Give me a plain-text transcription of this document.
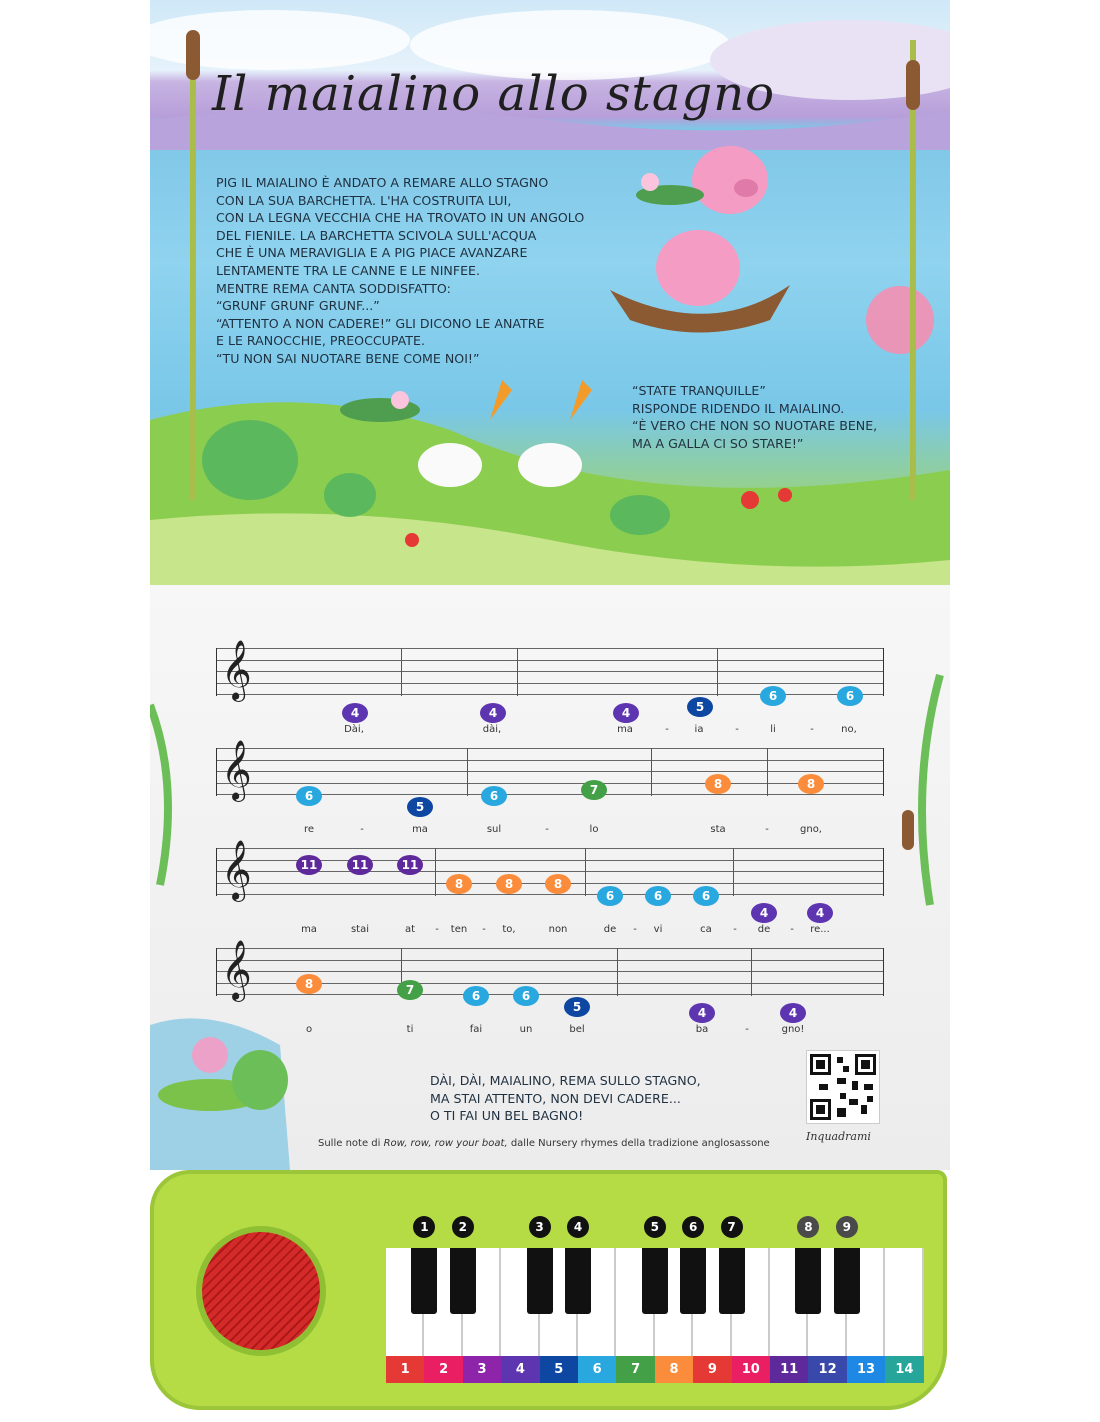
Il maialino allo stagno
PIG IL MAIALINO È ANDATO A REMARE ALLO STAGNO
CON LA SUA BARCHETTA. L'HA COSTRUITA LUI,
CON LA LEGNA VECCHIA CHE HA TROVATO IN UN ANGOLO
DEL FIENILE. LA BARCHETTA SCIVOLA SULL'ACQUA
CHE È UNA MERAVIGLIA E A PIG PIACE AVANZARE
LENTAMENTE TRA LE CANNE E LE NINFEE.
MENTRE REMA CANTA SODDISFATTO:
“GRUNF GRUNF GRUNF...”
“ATTENTO A NON CADERE!” GLI DICONO LE ANATRE
E LE RANOCCHIE, PREOCCUPATE.
“TU NON SAI NUOTARE BENE COME NOI!”
“STATE TRANQUILLE”
RISPONDE RIDENDO IL MAIALINO.
“È VERO CHE NON SO NUOTARE BENE,
MA A GALLA CI SO STARE!”
DÀI, DÀI, MAIALINO, REMA SULLO STAGNO,
MA STAI ATTENTO, NON DEVI CADERE...
O TI FAI UN BEL BAGNO!
Sulle note di Row, row, row your boat, dalle Nursery rhymes della tradizione anglosassone
Inquadrami
𝄞
4	4	4	5
6	6
Dài,	dài,	ma	-	ia	-	li	-	no,
𝄞	6
5
6	7	8	8
re	-	ma	sul	-	lo	sta	-	gno,
𝄞	11	11	11
8	8	8
6	6	6
4	4
ma	stai	at - ten - to,	non	de - vi	ca - de - re...
𝄞	8	7	6	6
5	4	4
o	ti	fai	un	bel	ba	-	gno!
1	2	3	4	5	6	7	8	9	10	11	12	13	14
1	2	3	4	5	6	7	8	9
